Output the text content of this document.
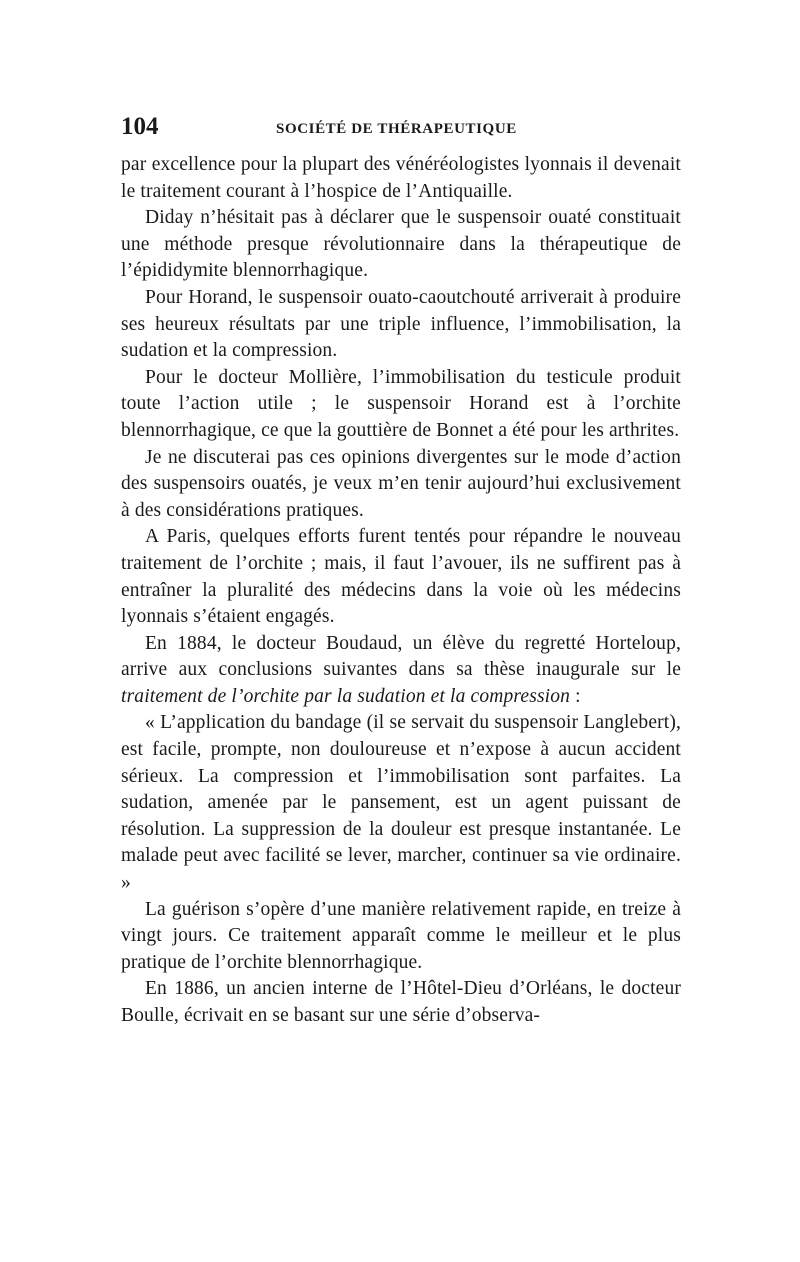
104	SOCIÉTÉ DE THÉRAPEUTIQUE

par excellence pour la plupart des vénéréologistes lyonnais il devenait le traitement courant à l’hospice de l’Antiquaille.

Diday n’hésitait pas à déclarer que le suspensoir ouaté constituait une méthode presque révolutionnaire dans la thérapeutique de l’épididymite blennorrhagique.

Pour Horand, le suspensoir ouato-caoutchouté arriverait à produire ses heureux résultats par une triple influence, l’immobilisation, la sudation et la compression.

Pour le docteur Mollière, l’immobilisation du testicule produit toute l’action utile ; le suspensoir Horand est à l’orchite blennorrhagique, ce que la gouttière de Bonnet a été pour les arthrites.

Je ne discuterai pas ces opinions divergentes sur le mode d’action des suspensoirs ouatés, je veux m’en tenir aujourd’hui exclusivement à des considérations pratiques.

A Paris, quelques efforts furent tentés pour répandre le nouveau traitement de l’orchite ; mais, il faut l’avouer, ils ne suffirent pas à entraîner la pluralité des médecins dans la voie où les médecins lyonnais s’étaient engagés.

En 1884, le docteur Boudaud, un élève du regretté Horteloup, arrive aux conclusions suivantes dans sa thèse inaugurale sur le traitement de l’orchite par la sudation et la compression :

« L’application du bandage (il se servait du suspensoir Langlebert), est facile, prompte, non douloureuse et n’expose à aucun accident sérieux. La compression et l’immobilisation sont parfaites. La sudation, amenée par le pansement, est un agent puissant de résolution. La suppression de la douleur est presque instantanée. Le malade peut avec facilité se lever, marcher, continuer sa vie ordinaire. »

La guérison s’opère d’une manière relativement rapide, en treize à vingt jours. Ce traitement apparaît comme le meilleur et le plus pratique de l’orchite blennorrhagique.

En 1886, un ancien interne de l’Hôtel-Dieu d’Orléans, le docteur Boulle, écrivait en se basant sur une série d’observa-
